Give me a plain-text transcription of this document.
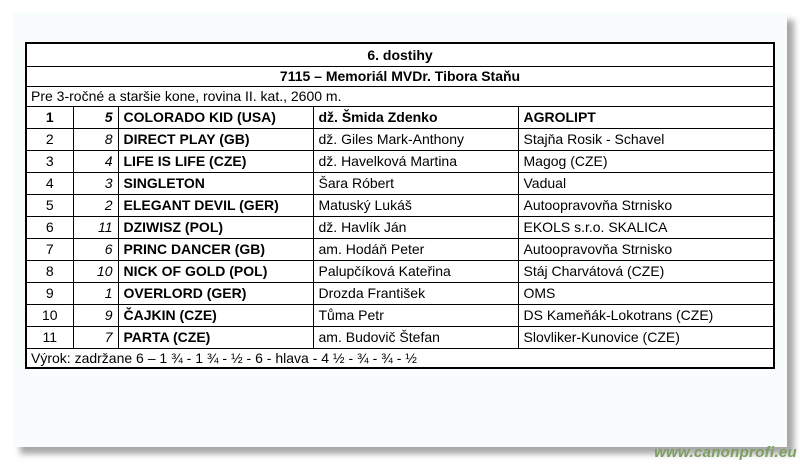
6. dostihy				
7115 – Memoriál MVDr. Tibora Staňu				
Pre 3-ročné a staršie kone, rovina II. kat., 2600 m.				
1	5	COLORADO KID (USA)	dž. Šmida Zdenko	AGROLIPT
2	8	DIRECT PLAY (GB)	dž. Giles Mark-Anthony	Stajňa Rosik - Schavel
3	4	LIFE IS LIFE (CZE)	dž. Havelková Martina	Magog (CZE)
4	3	SINGLETON	Šara Róbert	Vadual
5	2	ELEGANT DEVIL (GER)	Matuský Lukáš	Autoopravovňa Strnisko
6	11	DZIWISZ (POL)	dž. Havlík Ján	EKOLS s.r.o. SKALICA
7	6	PRINC DANCER (GB)	am. Hodáň Peter	Autoopravovňa Strnisko
8	10	NICK OF GOLD (POL)	Palupčíková Kateřina	Stáj Charvátová (CZE)
9	1	OVERLORD (GER)	Drozda František	OMS
10	9	ČAJKIN (CZE)	Tůma Petr	DS Kameňák-Lokotrans (CZE)
11	7	PARTA (CZE)	am. Budovič Štefan	Slovliker-Kunovice (CZE)
Výrok: zadržane 6 – 1 ¾ - 1 ¾ - ½ - 6 - hlava - 4 ½ - ¾ - ¾ - ½				
www.canonprofi.eu
